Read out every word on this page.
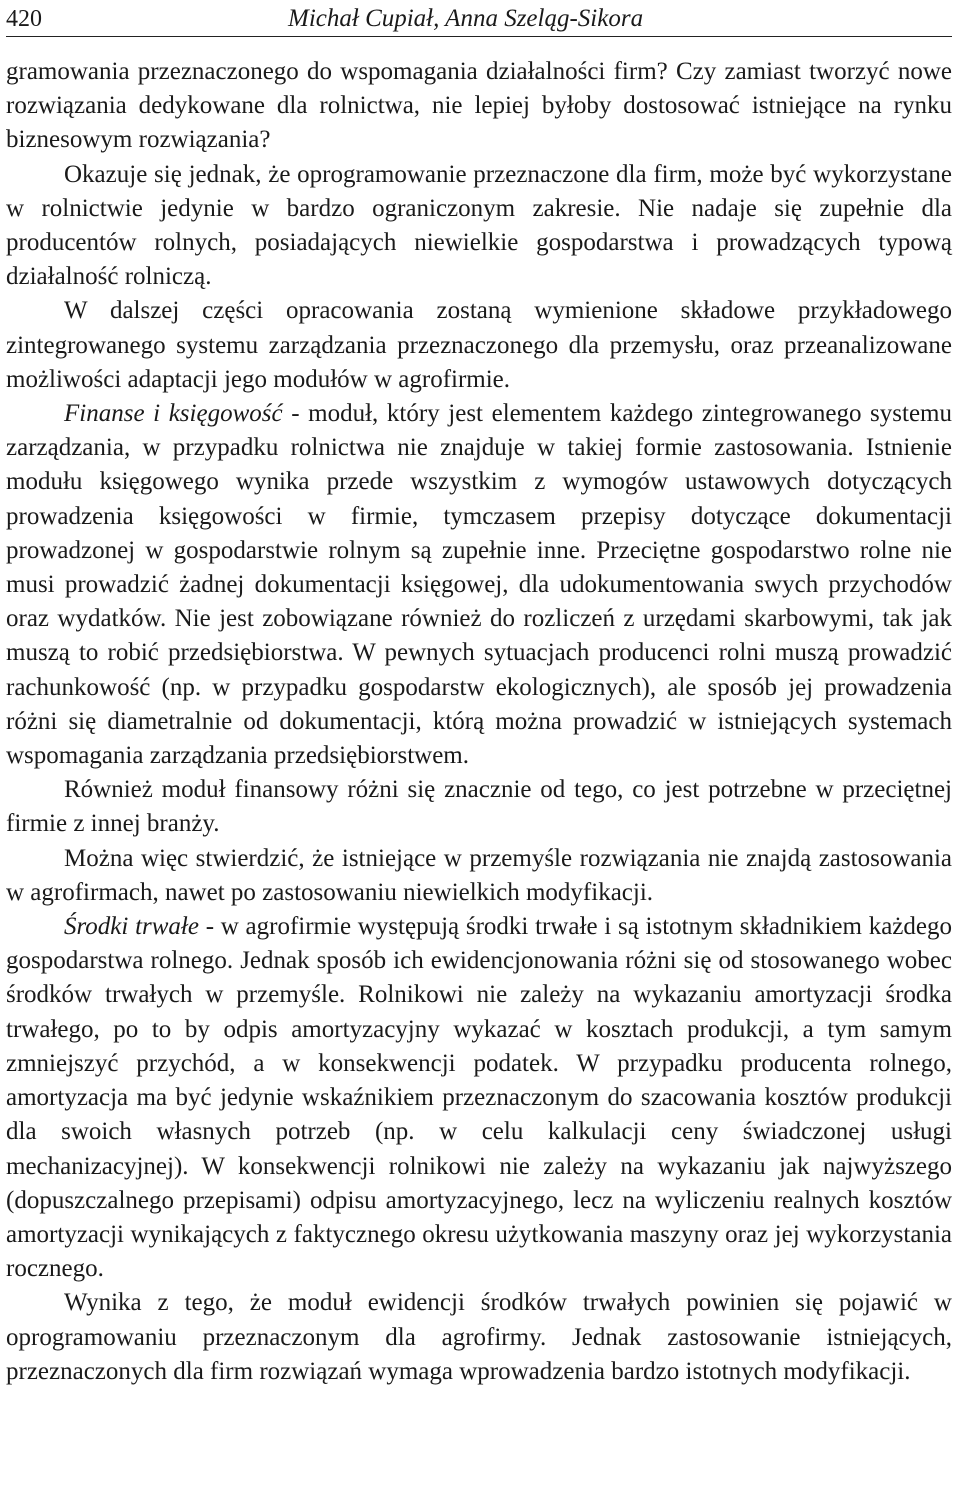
420	Michał Cupiał, Anna Szeląg-Sikora

gramowania przeznaczonego do wspomagania działalności firm? Czy zamiast tworzyć nowe rozwiązania dedykowane dla rolnictwa, nie lepiej byłoby dostosować istniejące na rynku biznesowym rozwiązania?

Okazuje się jednak, że oprogramowanie przeznaczone dla firm, może być wykorzystane w rolnictwie jedynie w bardzo ograniczonym zakresie. Nie nadaje się zupełnie dla producentów rolnych, posiadających niewielkie gospodarstwa i prowadzących typową działalność rolniczą.

W dalszej części opracowania zostaną wymienione składowe przykładowego zintegrowanego systemu zarządzania przeznaczonego dla przemysłu, oraz przeanalizowane możliwości adaptacji jego modułów w agrofirmie.

Finanse i księgowość - moduł, który jest elementem każdego zintegrowanego systemu zarządzania, w przypadku rolnictwa nie znajduje w takiej formie zastosowania. Istnienie modułu księgowego wynika przede wszystkim z wymogów ustawowych dotyczących prowadzenia księgowości w firmie, tymczasem przepisy dotyczące dokumentacji prowadzonej w gospodarstwie rolnym są zupełnie inne. Przeciętne gospodarstwo rolne nie musi prowadzić żadnej dokumentacji księgowej, dla udokumentowania swych przychodów oraz wydatków. Nie jest zobowiązane również do rozliczeń z urzędami skarbowymi, tak jak muszą to robić przedsiębiorstwa. W pewnych sytuacjach producenci rolni muszą prowadzić rachunkowość (np. w przypadku gospodarstw ekologicznych), ale sposób jej prowadzenia różni się diametralnie od dokumentacji, którą można prowadzić w istniejących systemach wspomagania zarządzania przedsiębiorstwem.

Również moduł finansowy różni się znacznie od tego, co jest potrzebne w przeciętnej firmie z innej branży.

Można więc stwierdzić, że istniejące w przemyśle rozwiązania nie znajdą zastosowania w agrofirmach, nawet po zastosowaniu niewielkich modyfikacji.

Środki trwałe - w agrofirmie występują środki trwałe i są istotnym składnikiem każdego gospodarstwa rolnego. Jednak sposób ich ewidencjonowania różni się od stosowanego wobec środków trwałych w przemyśle. Rolnikowi nie zależy na wykazaniu amortyzacji środka trwałego, po to by odpis amortyzacyjny wykazać w kosztach produkcji, a tym samym zmniejszyć przychód, a w konsekwencji podatek. W przypadku producenta rolnego, amortyzacja ma być jedynie wskaźnikiem przeznaczonym do szacowania kosztów produkcji dla swoich własnych potrzeb (np. w celu kalkulacji ceny świadczonej usługi mechanizacyjnej). W konsekwencji rolnikowi nie zależy na wykazaniu jak najwyższego (dopuszczalnego przepisami) odpisu amortyzacyjnego, lecz na wyliczeniu realnych kosztów amortyzacji wynikających z faktycznego okresu użytkowania maszyny oraz jej wykorzystania rocznego.

Wynika z tego, że moduł ewidencji środków trwałych powinien się pojawić w oprogramowaniu przeznaczonym dla agrofirmy. Jednak zastosowanie istniejących, przeznaczonych dla firm rozwiązań wymaga wprowadzenia bardzo istotnych modyfikacji.
